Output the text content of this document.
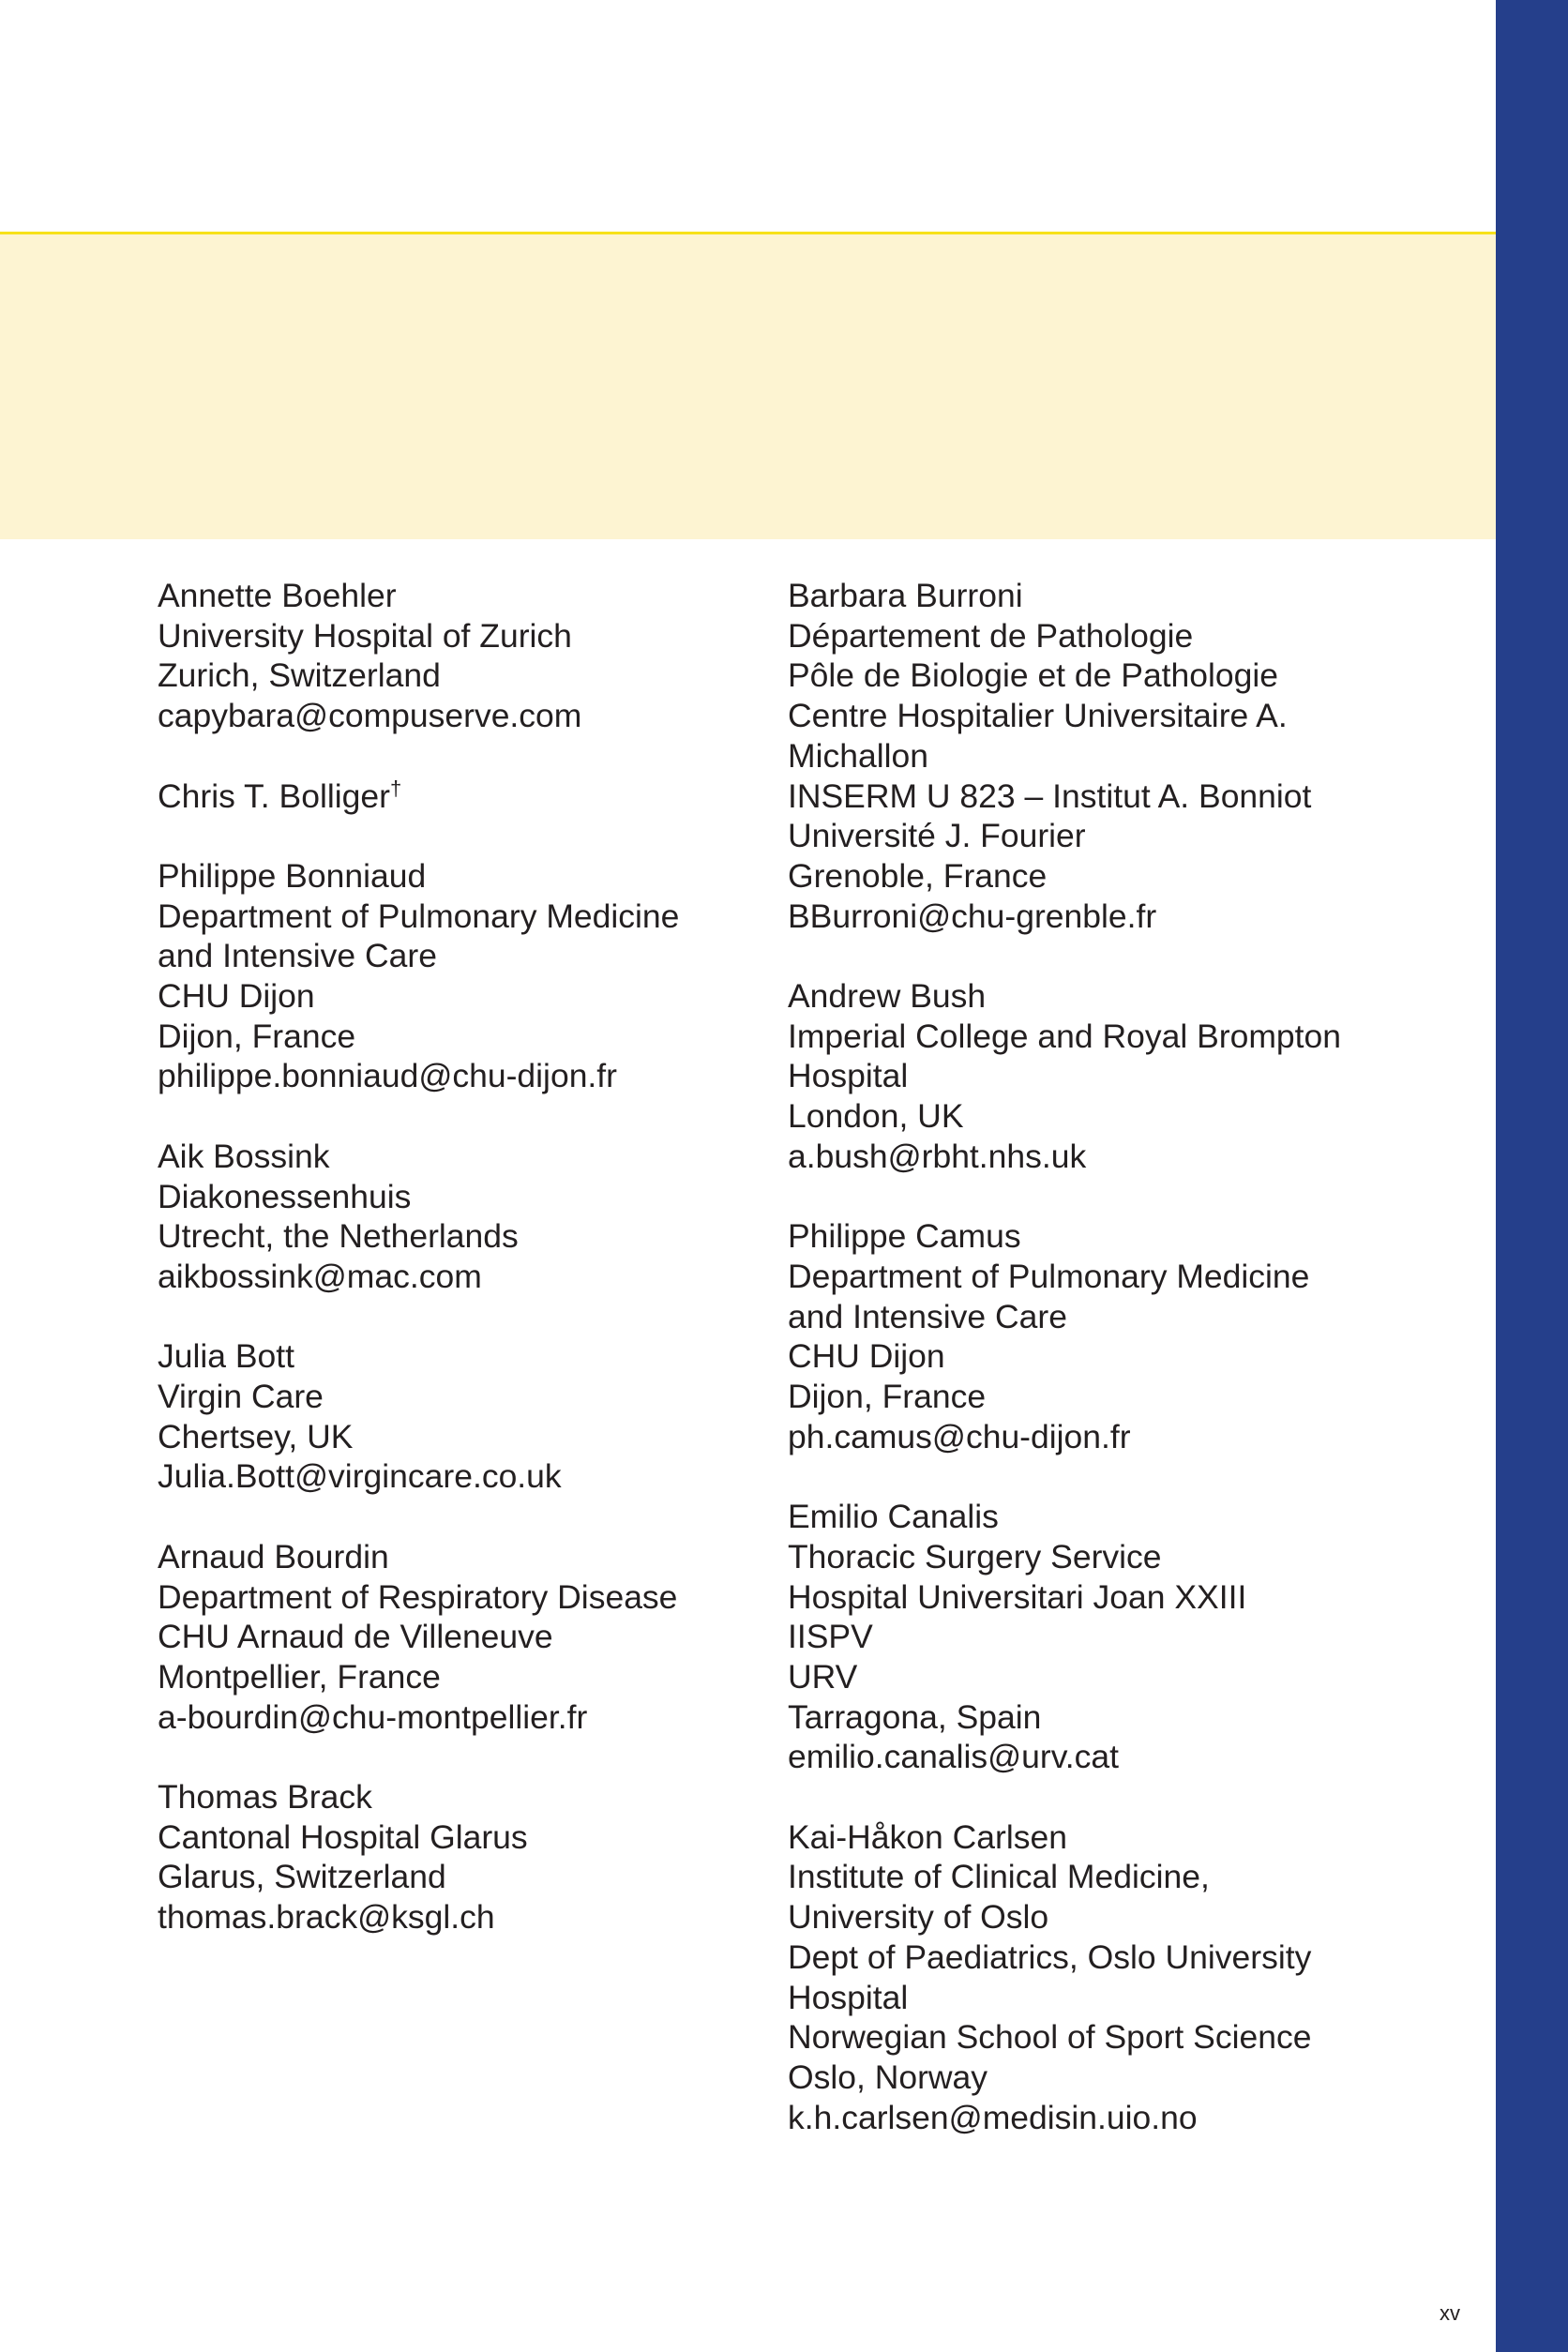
Annette Boehler
University Hospital of Zurich
Zurich, Switzerland
capybara@compuserve.com
Chris T. Bolliger†
Philippe Bonniaud
Department of Pulmonary Medicine
and Intensive Care
CHU Dijon
Dijon, France
philippe.bonniaud@chu-dijon.fr
Aik Bossink
Diakonessenhuis
Utrecht, the Netherlands
aikbossink@mac.com
Julia Bott
Virgin Care
Chertsey, UK
Julia.Bott@virgincare.co.uk
Arnaud Bourdin
Department of Respiratory Disease
CHU Arnaud de Villeneuve
Montpellier, France
a-bourdin@chu-montpellier.fr
Thomas Brack
Cantonal Hospital Glarus
Glarus, Switzerland
thomas.brack@ksgl.ch
Barbara Burroni
Département de Pathologie
Pôle de Biologie et de Pathologie
Centre Hospitalier Universitaire A.
Michallon
INSERM U 823 – Institut A. Bonniot
Université J. Fourier
Grenoble, France
BBurroni@chu-grenble.fr
Andrew Bush
Imperial College and Royal Brompton
Hospital
London, UK
a.bush@rbht.nhs.uk
Philippe Camus
Department of Pulmonary Medicine
and Intensive Care
CHU Dijon
Dijon, France
ph.camus@chu-dijon.fr
Emilio Canalis
Thoracic Surgery Service
Hospital Universitari Joan XXIII
IISPV
URV
Tarragona, Spain
emilio.canalis@urv.cat
Kai-Håkon Carlsen
Institute of Clinical Medicine,
University of Oslo
Dept of Paediatrics, Oslo University
Hospital
Norwegian School of Sport Science
Oslo, Norway
k.h.carlsen@medisin.uio.no
xv
